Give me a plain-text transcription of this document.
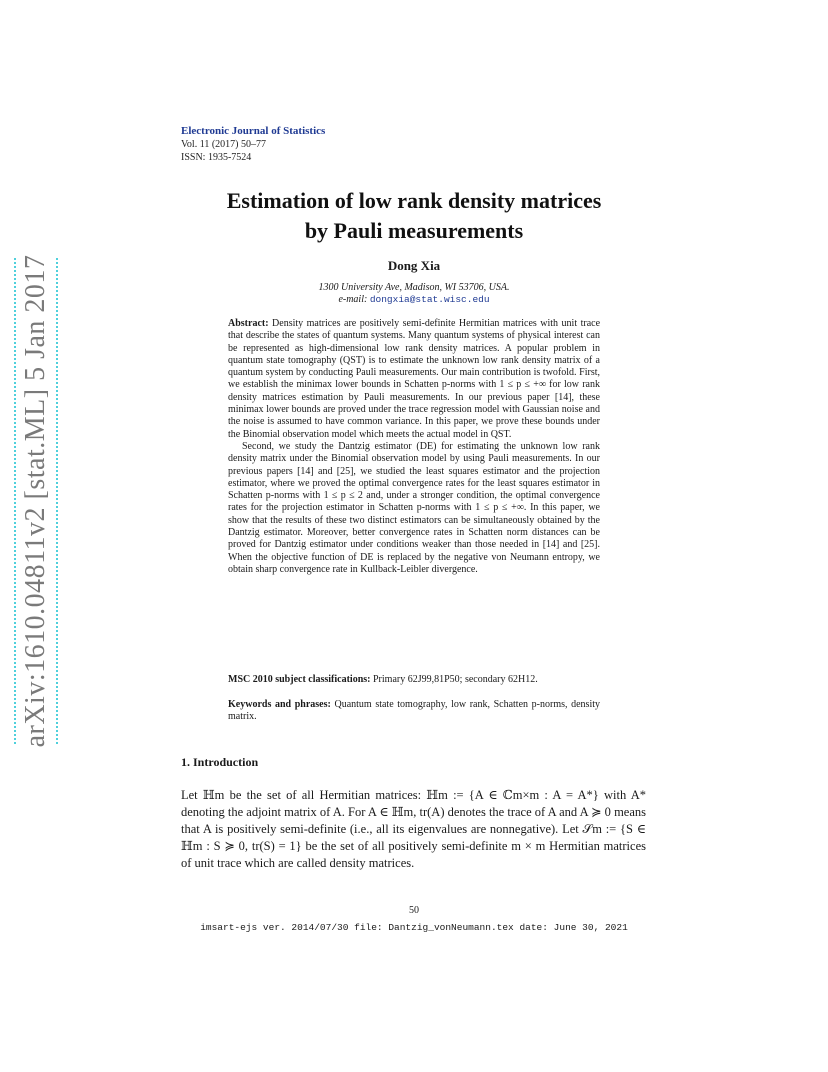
Electronic Journal of Statistics
Vol. 11 (2017) 50–77
ISSN: 1935-7524
arXiv:1610.04811v2 [stat.ML] 5 Jan 2017
Estimation of low rank density matrices
by Pauli measurements
Dong Xia
1300 University Ave, Madison, WI 53706, USA.
e-mail: dongxia@stat.wisc.edu

Abstract: Density matrices are positively semi-definite Hermitian matrices with unit trace that describe the states of quantum systems. Many quantum systems of physical interest can be represented as high-dimensional low rank density matrices. A popular problem in quantum state tomography (QST) is to estimate the unknown low rank density matrix of a quantum system by conducting Pauli measurements. Our main contribution is twofold. First, we establish the minimax lower bounds in Schatten p-norms with 1 ≤ p ≤ +∞ for low rank density matrices estimation by Pauli measurements. In our previous paper [14], these minimax lower bounds are proved under the trace regression model with Gaussian noise and the noise is assumed to have common variance. In this paper, we prove these bounds under the Binomial observation model which meets the actual model in QST.

Second, we study the Dantzig estimator (DE) for estimating the unknown low rank density matrix under the Binomial observation model by using Pauli measurements. In our previous papers [14] and [25], we studied the least squares estimator and the projection estimator, where we proved the optimal convergence rates for the least squares estimator in Schatten p-norms with 1 ≤ p ≤ 2 and, under a stronger condition, the optimal convergence rates for the projection estimator in Schatten p-norms with 1 ≤ p ≤ +∞. In this paper, we show that the results of these two distinct estimators can be simultaneously obtained by the Dantzig estimator. Moreover, better convergence rates in Schatten norm distances can be proved for Dantzig estimator under conditions weaker than those needed in [14] and [25]. When the objective function of DE is replaced by the negative von Neumann entropy, we obtain sharp convergence rate in Kullback-Leibler divergence.

MSC 2010 subject classifications: Primary 62J99,81P50; secondary 62H12.
Keywords and phrases: Quantum state tomography, low rank, Schatten p-norms, density matrix.
1. Introduction
Let ℍm be the set of all Hermitian matrices: ℍm := {A ∈ ℂm×m : A = A*} with A* denoting the adjoint matrix of A. For A ∈ ℍm, tr(A) denotes the trace of A and A ≽ 0 means that A is positively semi-definite (i.e., all its eigenvalues are nonnegative). Let 𝒮m := {S ∈ ℍm : S ≽ 0, tr(S) = 1} be the set of all positively semi-definite m × m Hermitian matrices of unit trace which are called density matrices.
50
imsart-ejs ver. 2014/07/30 file: Dantzig_vonNeumann.tex date: June 30, 2021
